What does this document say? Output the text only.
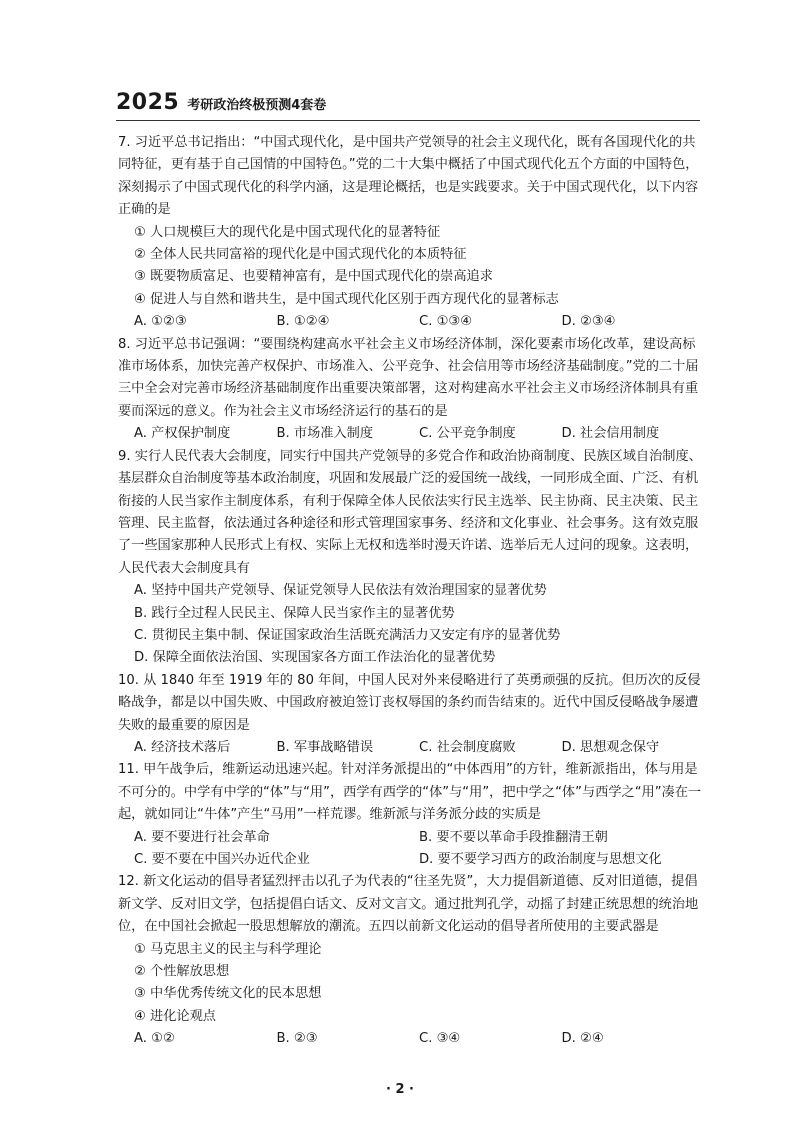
2025 考研政治终极预测4套卷
7. 习近平总书记指出：“中国式现代化，是中国共产党领导的社会主义现代化，既有各国现代化的共同特征，更有基于自己国情的中国特色。”党的二十大集中概括了中国式现代化五个方面的中国特色，深刻揭示了中国式现代化的科学内涵，这是理论概括，也是实践要求。关于中国式现代化，以下内容正确的是
① 人口规模巨大的现代化是中国式现代化的显著特征
② 全体人民共同富裕的现代化是中国式现代化的本质特征
③ 既要物质富足、也要精神富有，是中国式现代化的崇高追求
④ 促进人与自然和谐共生，是中国式现代化区别于西方现代化的显著标志
A. ①②③	B. ①②④	C. ①③④	D. ②③④
8. 习近平总书记强调：“要围绕构建高水平社会主义市场经济体制，深化要素市场化改革，建设高标准市场体系，加快完善产权保护、市场准入、公平竞争、社会信用等市场经济基础制度。”党的二十届三中全会对完善市场经济基础制度作出重要决策部署，这对构建高水平社会主义市场经济体制具有重要而深远的意义。作为社会主义市场经济运行的基石的是
A. 产权保护制度	B. 市场准入制度	C. 公平竞争制度	D. 社会信用制度
9. 实行人民代表大会制度，同实行中国共产党领导的多党合作和政治协商制度、民族区域自治制度、基层群众自治制度等基本政治制度，巩固和发展最广泛的爱国统一战线，一同形成全面、广泛、有机衔接的人民当家作主制度体系，有利于保障全体人民依法实行民主选举、民主协商、民主决策、民主管理、民主监督，依法通过各种途径和形式管理国家事务、经济和文化事业、社会事务。这有效克服了一些国家那种人民形式上有权、实际上无权和选举时漫天许诺、选举后无人过问的现象。这表明，人民代表大会制度具有
A. 坚持中国共产党领导、保证党领导人民依法有效治理国家的显著优势
B. 践行全过程人民民主、保障人民当家作主的显著优势
C. 贯彻民主集中制、保证国家政治生活既充满活力又安定有序的显著优势
D. 保障全面依法治国、实现国家各方面工作法治化的显著优势
10. 从 1840 年至 1919 年的 80 年间，中国人民对外来侵略进行了英勇顽强的反抗。但历次的反侵略战争，都是以中国失败、中国政府被迫签订丧权辱国的条约而告结束的。近代中国反侵略战争屡遭失败的最重要的原因是
A. 经济技术落后	B. 军事战略错误	C. 社会制度腐败	D. 思想观念保守
11. 甲午战争后，维新运动迅速兴起。针对洋务派提出的“中体西用”的方针，维新派指出，体与用是不可分的。中学有中学的“体”与“用”，西学有西学的“体”与“用”，把中学之“体”与西学之“用”凑在一起，就如同让“牛体”产生“马用”一样荒谬。维新派与洋务派分歧的实质是
A. 要不要进行社会革命	B. 要不要以革命手段推翻清王朝
C. 要不要在中国兴办近代企业	D. 要不要学习西方的政治制度与思想文化
12. 新文化运动的倡导者猛烈抨击以孔子为代表的“往圣先贤”，大力提倡新道德、反对旧道德，提倡新文学、反对旧文学，包括提倡白话文、反对文言文。通过批判孔学，动摇了封建正统思想的统治地位，在中国社会掀起一股思想解放的潮流。五四以前新文化运动的倡导者所使用的主要武器是
① 马克思主义的民主与科学理论
② 个性解放思想
③ 中华优秀传统文化的民本思想
④ 进化论观点
A. ①②	B. ②③	C. ③④	D. ②④
· 2 ·
